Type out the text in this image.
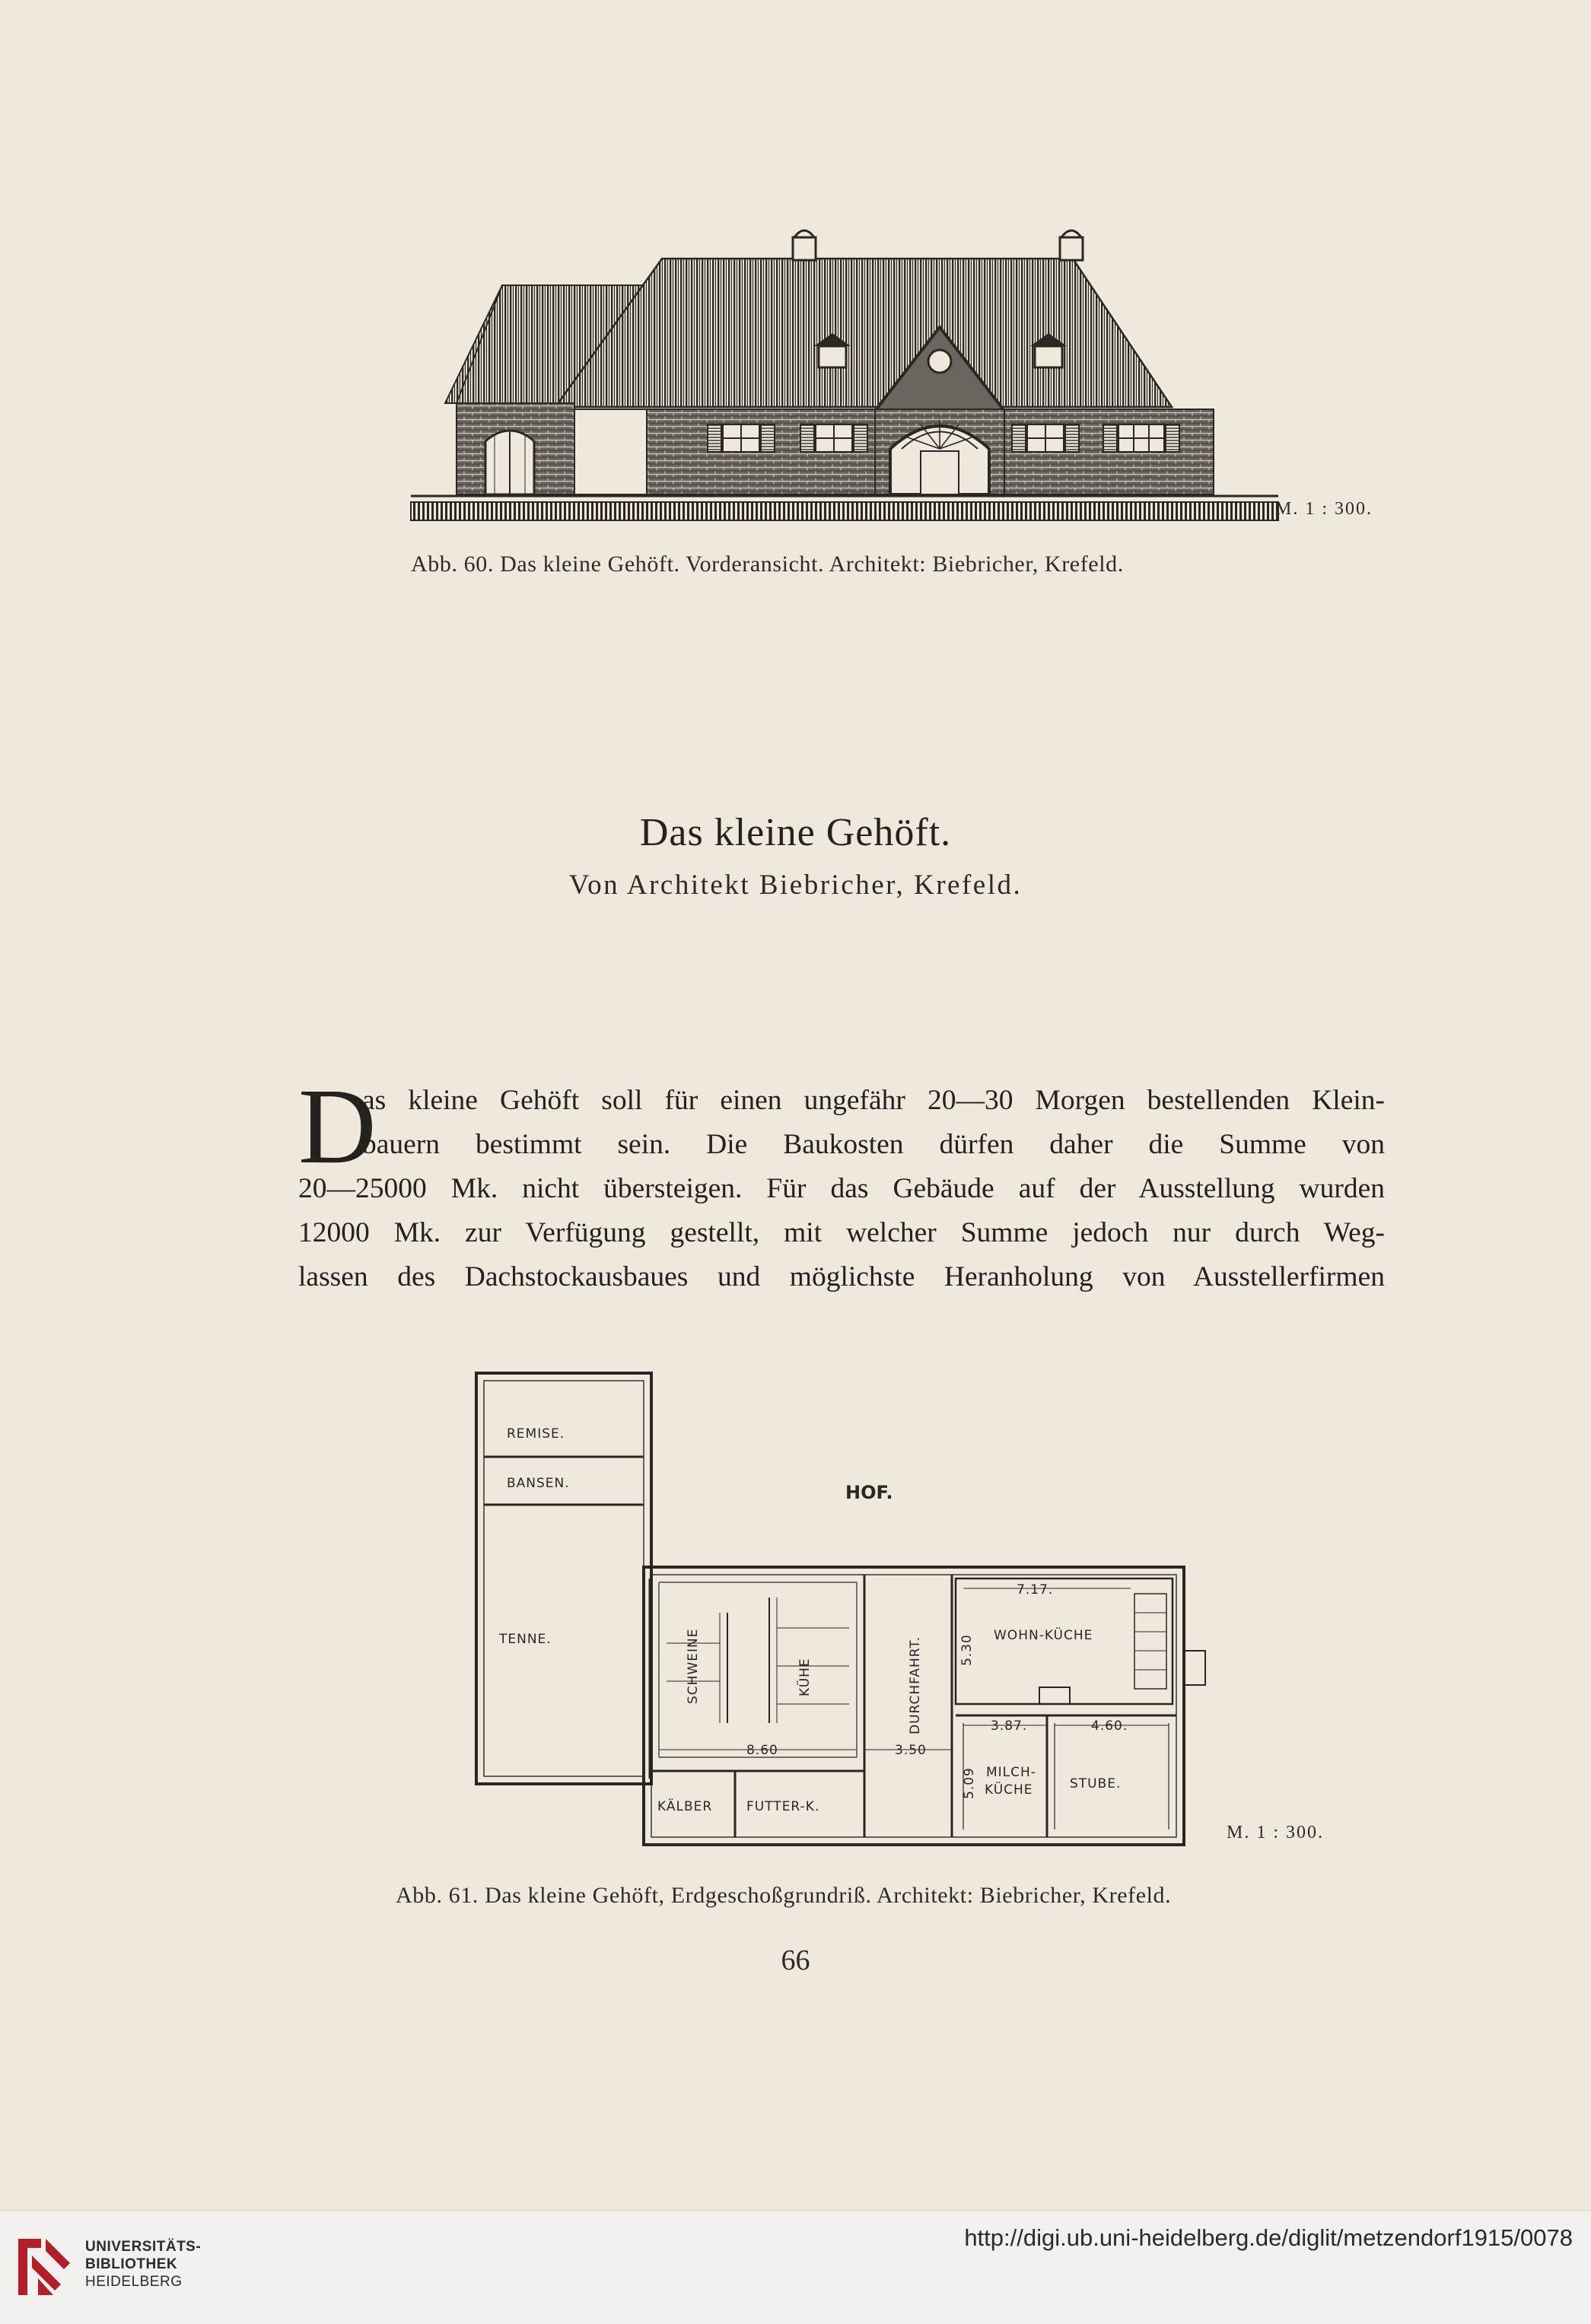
M. 1 : 300.
Abb. 60. Das kleine Gehöft. Vorderansicht. Architekt: Biebricher, Krefeld.
Das kleine Gehöft.
Von Architekt Biebricher, Krefeld.
D
as kleine Gehöft soll für einen ungefähr 20—30 Morgen bestellenden Klein-
bauern bestimmt sein. Die Baukosten dürfen daher die Summe von
20—25000 Mk. nicht übersteigen. Für das Gebäude auf der Ausstellung wurden
12000 Mk. zur Verfügung gestellt, mit welcher Summe jedoch nur durch Weg-
lassen des Dachstockausbaues und möglichste Heranholung von Ausstellerfirmen
REMISE.
BANSEN.
TENNE.
HOF.
SCHWEINE	KÜHE	DURCHFAHRT.
WOHN-KÜCHE
KÄLBER	FUTTER-K.
MILCH-
KÜCHE	STUBE.
7.17.
5.30
8.60	3.50
3.87.	4.60.
5.09
M. 1 : 300.
Abb. 61. Das kleine Gehöft, Erdgeschoßgrundriß. Architekt: Biebricher, Krefeld.
66
UNIVERSITÄTS-
BIBLIOTHEK
HEIDELBERG
http://digi.ub.uni-heidelberg.de/diglit/metzendorf1915/0078
